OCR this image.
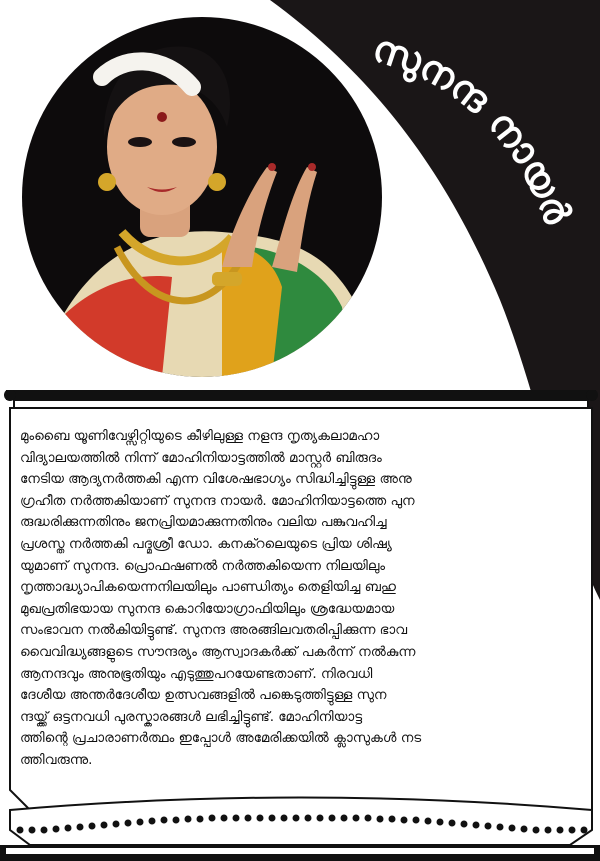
സുനന്ദ നായർ
മുംബൈ യൂണിവേഴ്സിറ്റിയുടെ കീഴിലുള്ള നളന്ദ നൃത്യകലാമഹാ
വിദ്യാലയത്തിൽ നിന്ന് മോഹിനിയാട്ടത്തിൽ മാസ്റ്റർ ബിരുദം
നേടിയ ആദ്യനർത്തകി എന്ന വിശേഷഭാഗ്യം സിദ്ധിച്ചിട്ടുള്ള അനു
ഗ്രഹീത നർത്തകിയാണ് സുനന്ദ നായർ. മോഹിനിയാട്ടത്തെ പുന
രുദ്ധരിക്കുന്നതിനും ജനപ്രിയമാക്കുന്നതിനും വലിയ പങ്കുവഹിച്ച
പ്രശസ്ത നർത്തകി പദ്മശ്രീ ഡോ. കനക്റലെയുടെ പ്രിയ ശിഷ്യ
യുമാണ് സുനന്ദ. പ്രൊഫഷണൽ നർത്തകിയെന്ന നിലയിലും
നൃത്താദ്ധ്യാപികയെന്നനിലയിലും പാണ്ഡിത്യം തെളിയിച്ച ബഹു
മുഖപ്രതിഭയായ സുനന്ദ കൊറിയോഗ്രാഫിയിലും ശ്രദ്ധേയമായ
സംഭാവന നൽകിയിട്ടുണ്ട്. സുനന്ദ അരങ്ങിലവതരിപ്പിക്കുന്ന ഭാവ
വൈവിദ്ധ്യങ്ങളുടെ സൗന്ദര്യം ആസ്വാദകർക്ക് പകർന്ന് നൽകുന്ന
ആനന്ദവും അനുഭൂതിയും എടുത്തുപറയേണ്ടതാണ്. നിരവധി
ദേശീയ അന്തർദേശീയ ഉത്സവങ്ങളിൽ പങ്കെടുത്തിട്ടുള്ള സുന
ന്ദയ്ക്ക് ഒട്ടനവധി പുരസ്കാരങ്ങൾ ലഭിച്ചിട്ടുണ്ട്. മോഹിനിയാട്ട
ത്തിന്റെ പ്രചാരാണർത്ഥം ഇപ്പോൾ അമേരിക്കയിൽ ക്ലാസുകൾ നട
ത്തിവരുന്നു.
